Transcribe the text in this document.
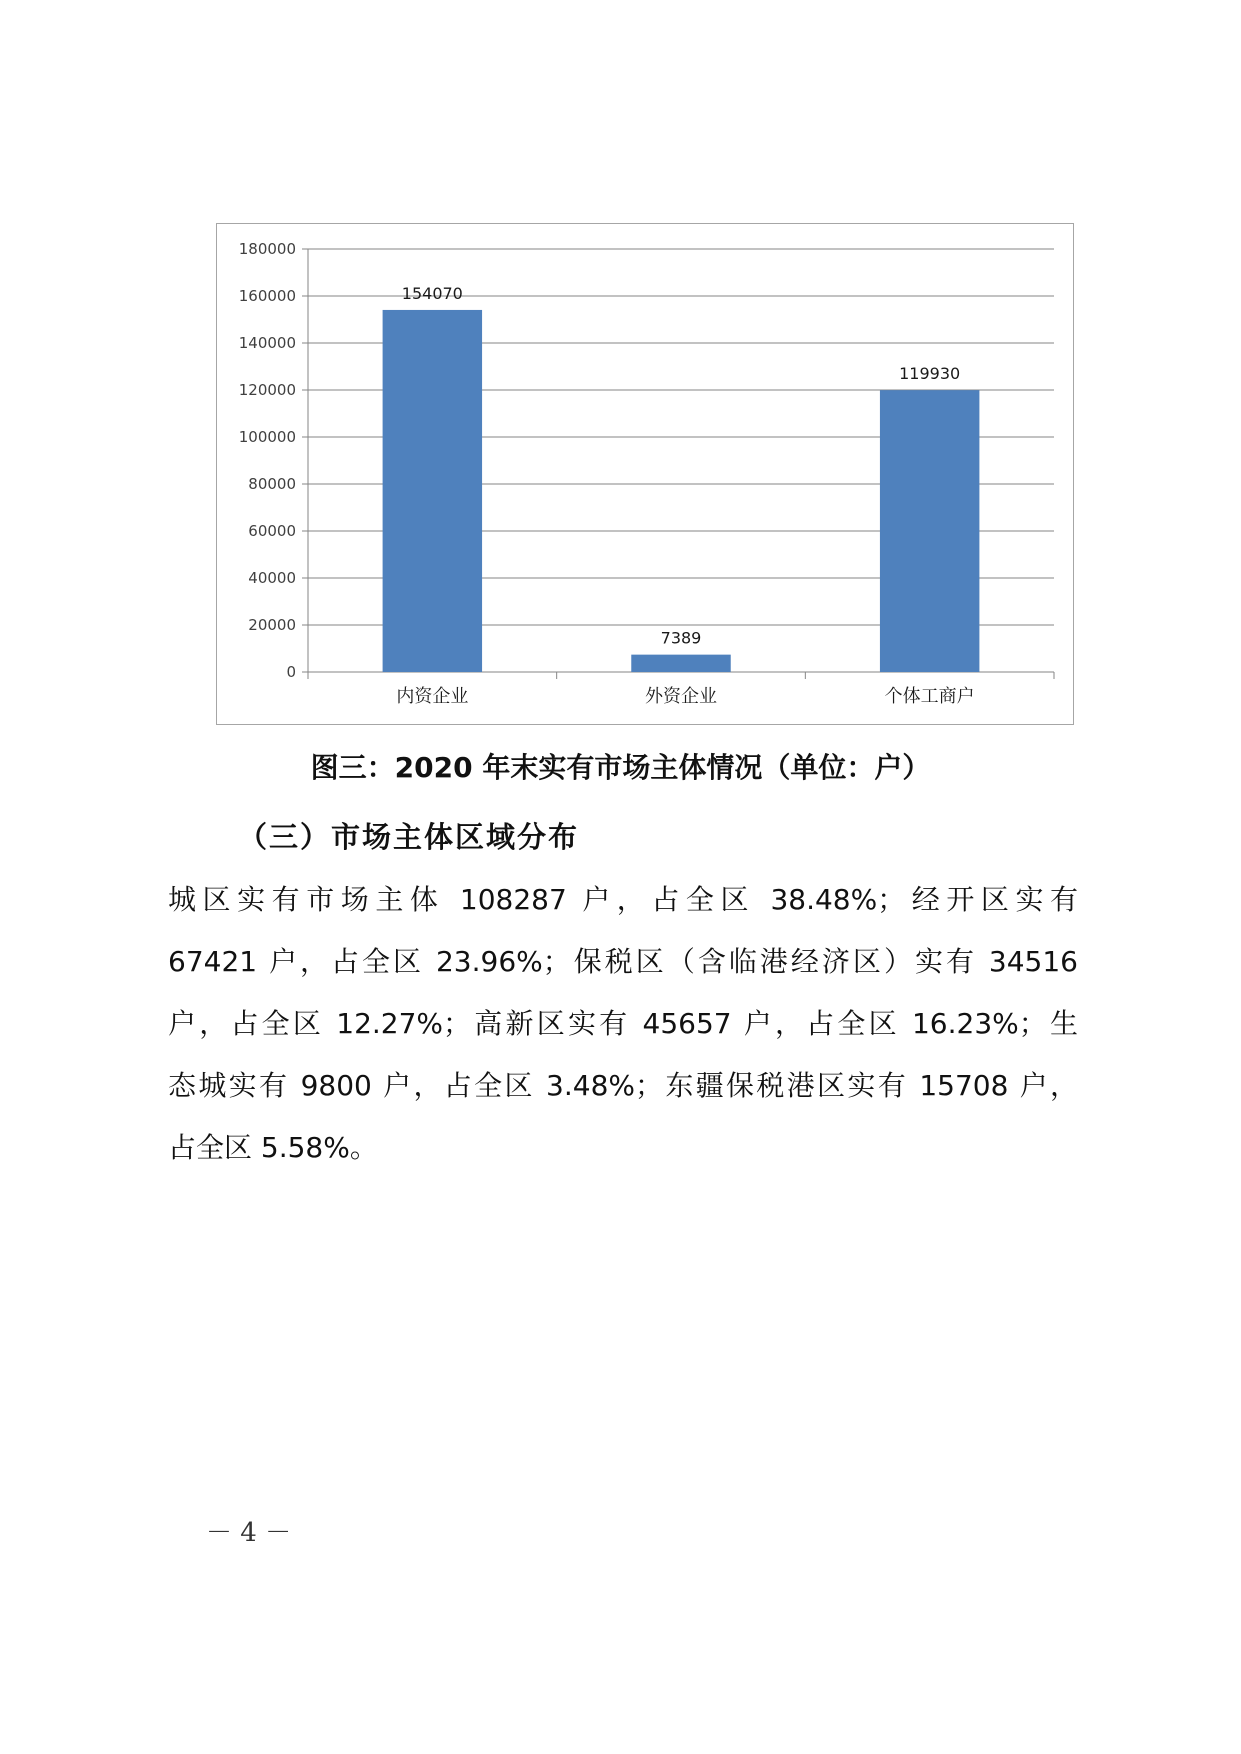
0
20000
40000
60000
80000
100000
120000
140000
160000
180000
154070
内资企业
7389
外资企业
119930
个体工商户
图三：2020 年末实有市场主体情况（单位：户）
（三）市场主体区域分布
城区实有市场主体 108287 户，占全区 38.48%；经开区实有
67421 户，占全区 23.96%；保税区（含临港经济区）实有 34516
户，占全区 12.27%；高新区实有 45657 户，占全区 16.23%；生
态城实有 9800 户，占全区 3.48%；东疆保税港区实有 15708 户，
占全区 5.58%。
－ 4 －
